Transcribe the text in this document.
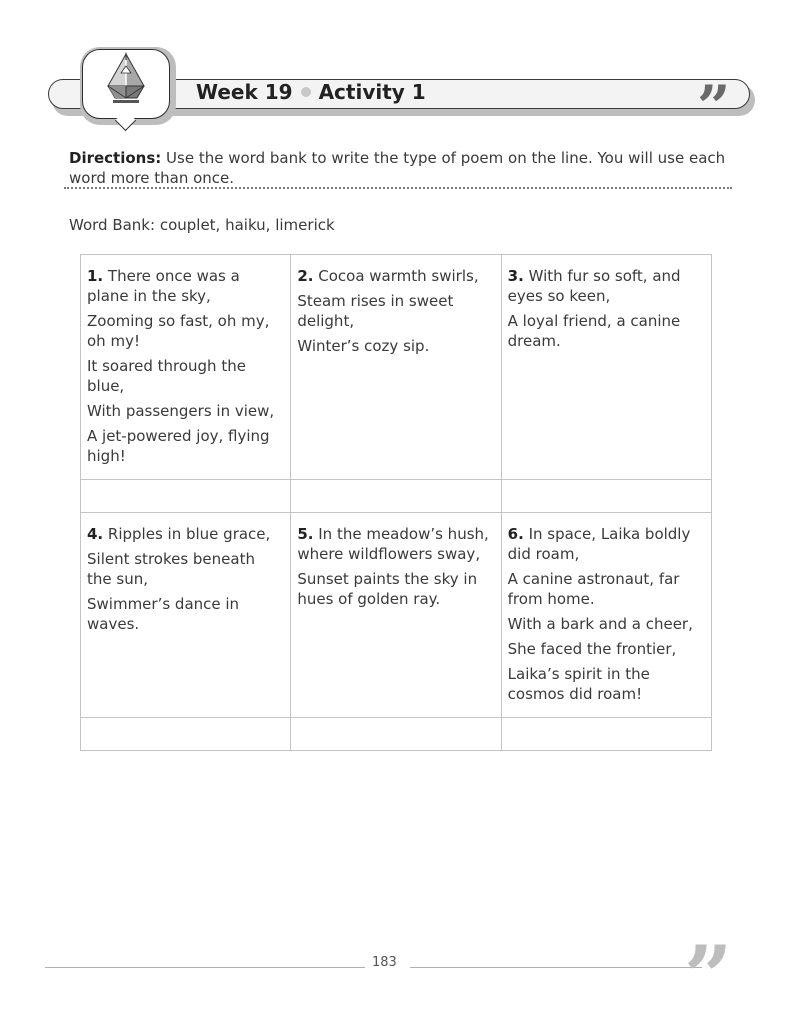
Week 19 Activity 1	”
Directions: Use the word bank to write the type of poem on the line. You will use each word more than once.
Word Bank: couplet, haiku, limerick

1. There once was a plane in the sky,

Zooming so fast, oh my, oh my!

It soared through the blue,

With passengers in view,

A jet-powered joy, flying high!

2. Cocoa warmth swirls,

Steam rises in sweet delight,

Winter’s cozy sip.

3. With fur so soft, and eyes so keen,

A loyal friend, a canine dream.

4. Ripples in blue grace,

Silent strokes beneath the sun,

Swimmer’s dance in waves.

5. In the meadow’s hush, where wildflowers sway,

Sunset paints the sky in hues of golden ray.

6. In space, Laika boldly did roam,

A canine astronaut, far from home.

With a bark and a cheer,

She faced the frontier,

Laika’s spirit in the cosmos did roam!

183	”
